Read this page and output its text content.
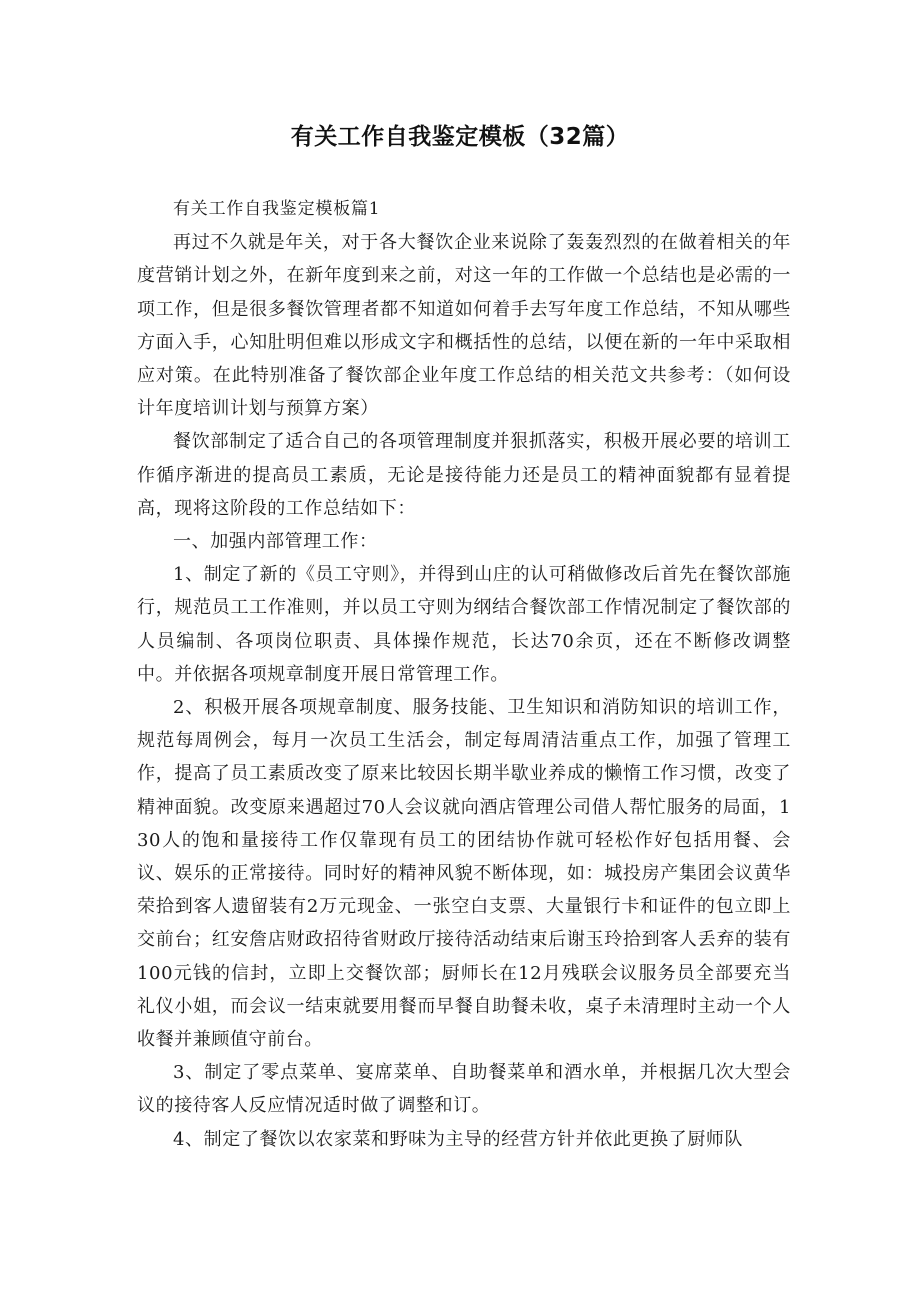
有关工作自我鉴定模板（32篇）

有关工作自我鉴定模板篇1

再过不久就是年关，对于各大餐饮企业来说除了轰轰烈烈的在做着相关的年度营销计划之外，在新年度到来之前，对这一年的工作做一个总结也是必需的一项工作，但是很多餐饮管理者都不知道如何着手去写年度工作总结，不知从哪些方面入手，心知肚明但难以形成文字和概括性的总结，以便在新的一年中采取相应对策。在此特别准备了餐饮部企业年度工作总结的相关范文共参考：（如何设计年度培训计划与预算方案）

餐饮部制定了适合自己的各项管理制度并狠抓落实，积极开展必要的培训工作循序渐进的提高员工素质，无论是接待能力还是员工的精神面貌都有显着提高，现将这阶段的工作总结如下：

一、加强内部管理工作：

1、制定了新的《员工守则》，并得到山庄的认可稍做修改后首先在餐饮部施行，规范员工工作准则，并以员工守则为纲结合餐饮部工作情况制定了餐饮部的人员编制、各项岗位职责、具体操作规范，长达70余页，还在不断修改调整中。并依据各项规章制度开展日常管理工作。

2、积极开展各项规章制度、服务技能、卫生知识和消防知识的培训工作，规范每周例会，每月一次员工生活会，制定每周清洁重点工作，加强了管理工作，提高了员工素质改变了原来比较因长期半歇业养成的懒惰工作习惯，改变了精神面貌。改变原来遇超过70人会议就向酒店管理公司借人帮忙服务的局面，130人的饱和量接待工作仅靠现有员工的团结协作就可轻松作好包括用餐、会议、娱乐的正常接待。同时好的精神风貌不断体现，如：城投房产集团会议黄华荣拾到客人遗留装有2万元现金、一张空白支票、大量银行卡和证件的包立即上交前台；红安詹店财政招待省财政厅接待活动结束后谢玉玲拾到客人丢弃的装有100元钱的信封，立即上交餐饮部；厨师长在12月残联会议服务员全部要充当礼仪小姐，而会议一结束就要用餐而早餐自助餐未收，桌子未清理时主动一个人收餐并兼顾值守前台。

3、制定了零点菜单、宴席菜单、自助餐菜单和酒水单，并根据几次大型会议的接待客人反应情况适时做了调整和订。

4、制定了餐饮以农家菜和野味为主导的经营方针并依此更换了厨师队
